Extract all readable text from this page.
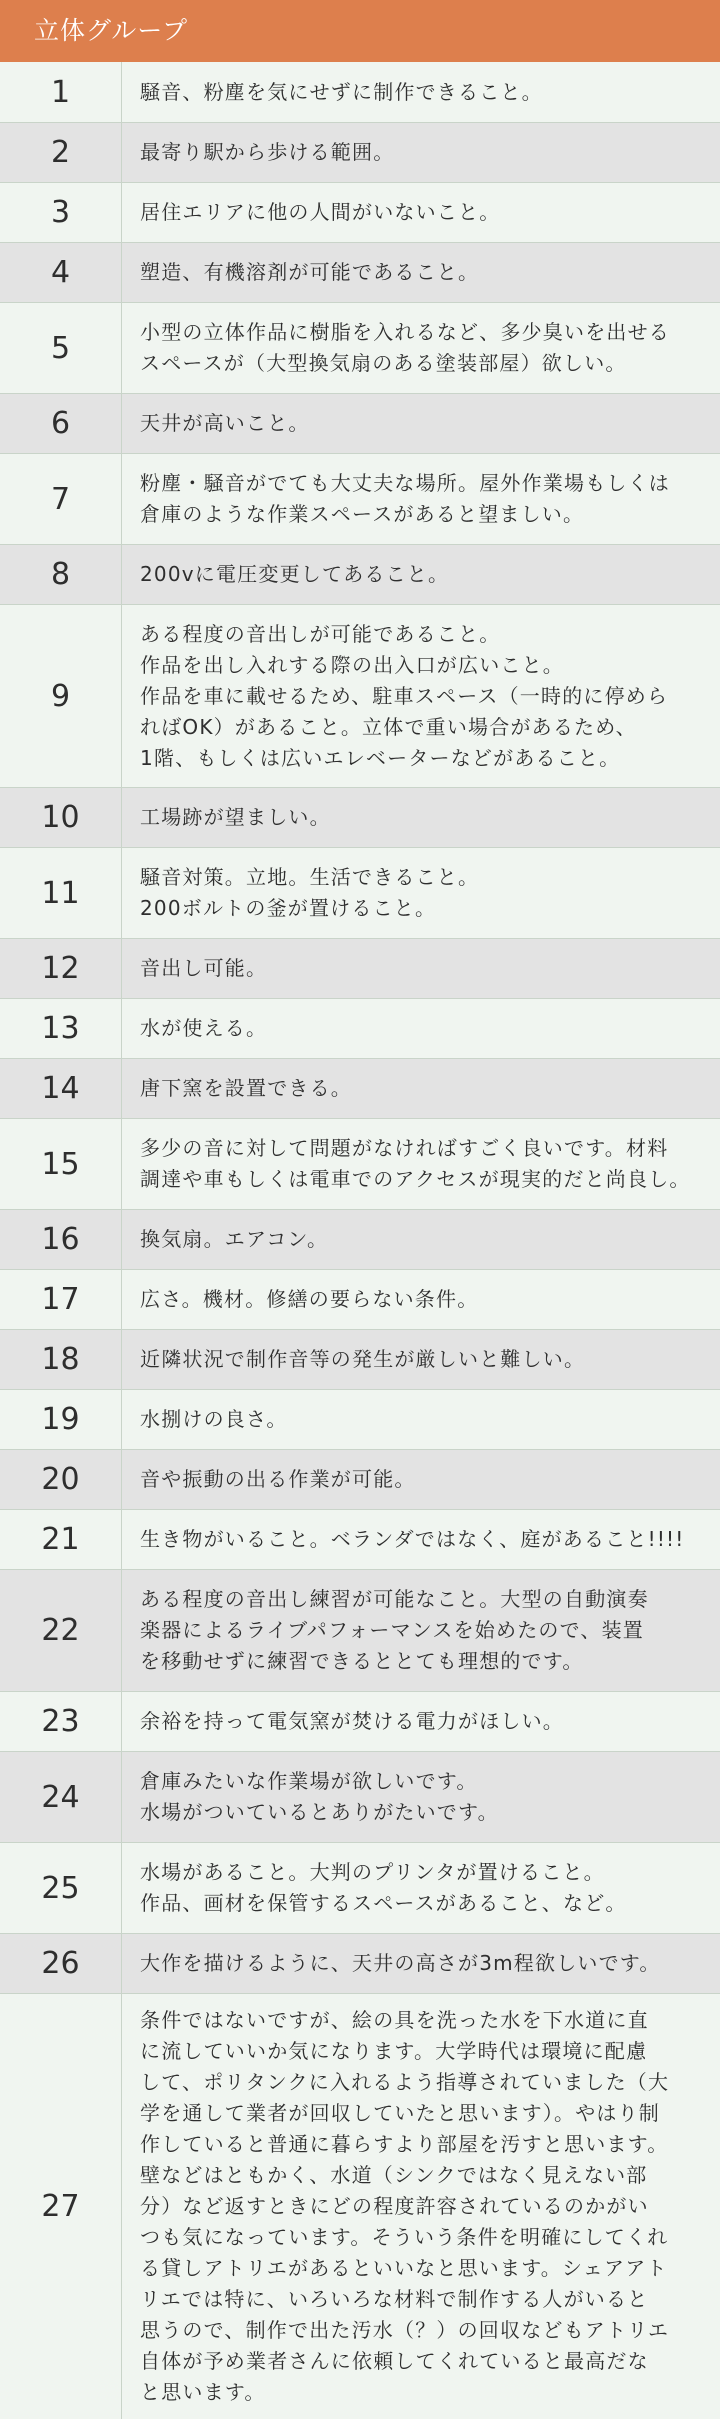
立体グループ
1	騒音、粉塵を気にせずに制作できること。
2	最寄り駅から歩ける範囲。
3	居住エリアに他の人間がいないこと。
4	塑造、有機溶剤が可能であること。
5	小型の立体作品に樹脂を入れるなど、多少臭いを出せる
スペースが（大型換気扇のある塗装部屋）欲しい。
6	天井が高いこと。
7	粉塵・騒音がでても大丈夫な場所。屋外作業場もしくは
倉庫のような作業スペースがあると望ましい。
8	200vに電圧変更してあること。
9
ある程度の音出しが可能であること。
作品を出し入れする際の出入口が広いこと。
作品を車に載せるため、駐車スペース（一時的に停めら
ればOK）があること。立体で重い場合があるため、
1階、もしくは広いエレベーターなどがあること。
10	工場跡が望ましい。
11	騒音対策。立地。生活できること。
200ボルトの釜が置けること。
12	音出し可能。
13	水が使える。
14	唐下窯を設置できる。
15	多少の音に対して問題がなければすごく良いです。材料
調達や車もしくは電車でのアクセスが現実的だと尚良し。
16	換気扇。エアコン。
17	広さ。機材。修繕の要らない条件。
18	近隣状況で制作音等の発生が厳しいと難しい。
19	水捌けの良さ。
20	音や振動の出る作業が可能。
21	生き物がいること。ベランダではなく、庭があること!!!!
22
ある程度の音出し練習が可能なこと。大型の自動演奏
楽器によるライブパフォーマンスを始めたので、装置
を移動せずに練習できるととても理想的です。
23	余裕を持って電気窯が焚ける電力がほしい。
24	倉庫みたいな作業場が欲しいです。
水場がついているとありがたいです。
25	水場があること。大判のプリンタが置けること。
作品、画材を保管するスペースがあること、など。
26	大作を描けるように、天井の高さが3m程欲しいです。
27
条件ではないですが、絵の具を洗った水を下水道に直
に流していいか気になります。大学時代は環境に配慮
して、ポリタンクに入れるよう指導されていました（大
学を通して業者が回収していたと思います）。やはり制
作していると普通に暮らすより部屋を汚すと思います。
壁などはともかく、水道（シンクではなく見えない部
分）など返すときにどの程度許容されているのかがい
つも気になっています。そういう条件を明確にしてくれ
る貸しアトリエがあるといいなと思います。シェアアト
リエでは特に、いろいろな材料で制作する人がいると
思うので、制作で出た汚水（？）の回収などもアトリエ
自体が予め業者さんに依頼してくれていると最高だな
と思います。
